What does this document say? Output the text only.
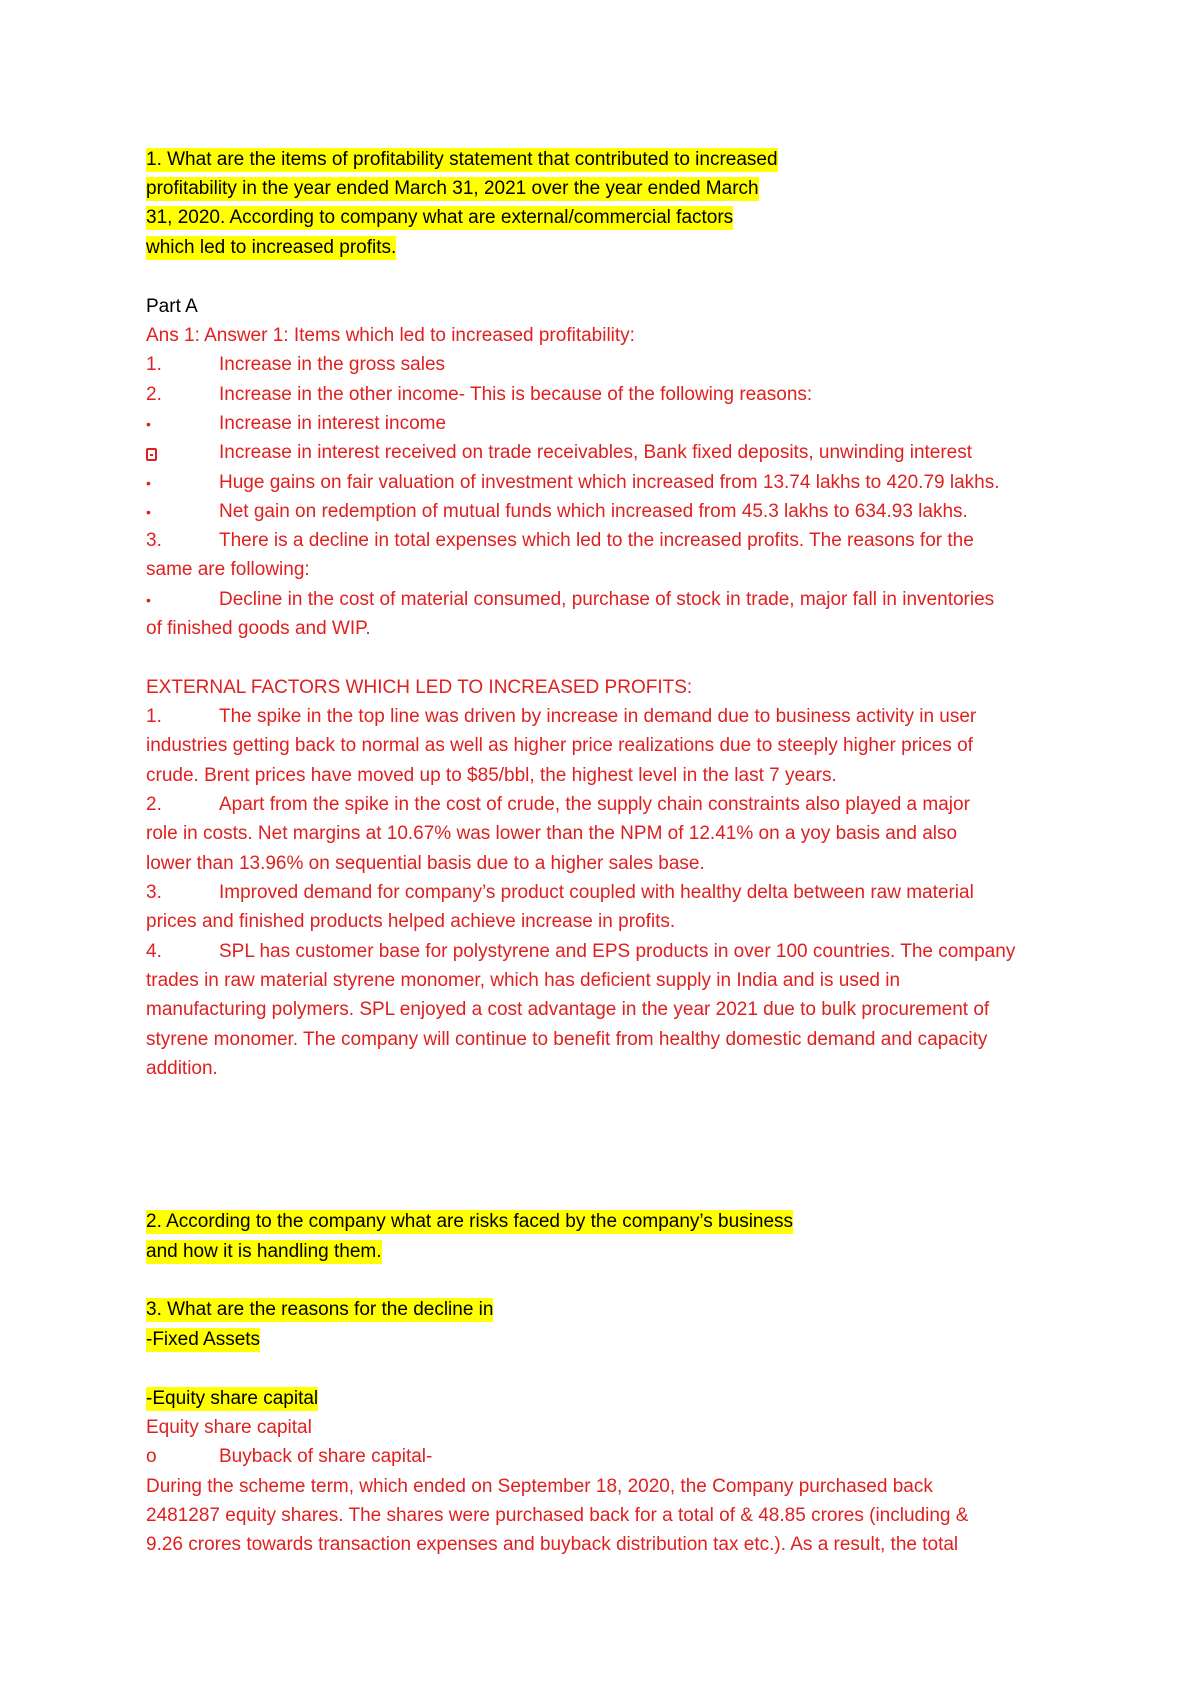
1. What are the items of profitability statement that contributed to increased
profitability in the year ended March 31, 2021 over the year ended March
31, 2020. According to company what are external/commercial factors
which led to increased profits.
Part A
Ans 1: Answer 1: Items which led to increased profitability:
1.	Increase in the gross sales
2.	Increase in the other income- This is because of the following reasons:
•	Increase in interest income
Increase in interest received on trade receivables, Bank fixed deposits, unwinding interest
•	Huge gains on fair valuation of investment which increased from 13.74 lakhs to 420.79 lakhs.
•	Net gain on redemption of mutual funds which increased from 45.3 lakhs to 634.93 lakhs.
3.	There is a decline in total expenses which led to the increased profits. The reasons for the
same are following:
•	Decline in the cost of material consumed, purchase of stock in trade, major fall in inventories
of finished goods and WIP.
EXTERNAL FACTORS WHICH LED TO INCREASED PROFITS:
1.	The spike in the top line was driven by increase in demand due to business activity in user
industries getting back to normal as well as higher price realizations due to steeply higher prices of
crude. Brent prices have moved up to $85/bbl, the highest level in the last 7 years.
2.	Apart from the spike in the cost of crude, the supply chain constraints also played a major
role in costs. Net margins at 10.67% was lower than the NPM of 12.41% on a yoy basis and also
lower than 13.96% on sequential basis due to a higher sales base.
3.	Improved demand for company’s product coupled with healthy delta between raw material
prices and finished products helped achieve increase in profits.
4.	SPL has customer base for polystyrene and EPS products in over 100 countries. The company
trades in raw material styrene monomer, which has deficient supply in India and is used in
manufacturing polymers. SPL enjoyed a cost advantage in the year 2021 due to bulk procurement of
styrene monomer. The company will continue to benefit from healthy domestic demand and capacity
addition.
2. According to the company what are risks faced by the company’s business
and how it is handling them.
3. What are the reasons for the decline in
-Fixed Assets
-Equity share capital
Equity share capital
o	Buyback of share capital-
During the scheme term, which ended on September 18, 2020, the Company purchased back
2481287 equity shares. The shares were purchased back for a total of & 48.85 crores (including &
9.26 crores towards transaction expenses and buyback distribution tax etc.). As a result, the total
